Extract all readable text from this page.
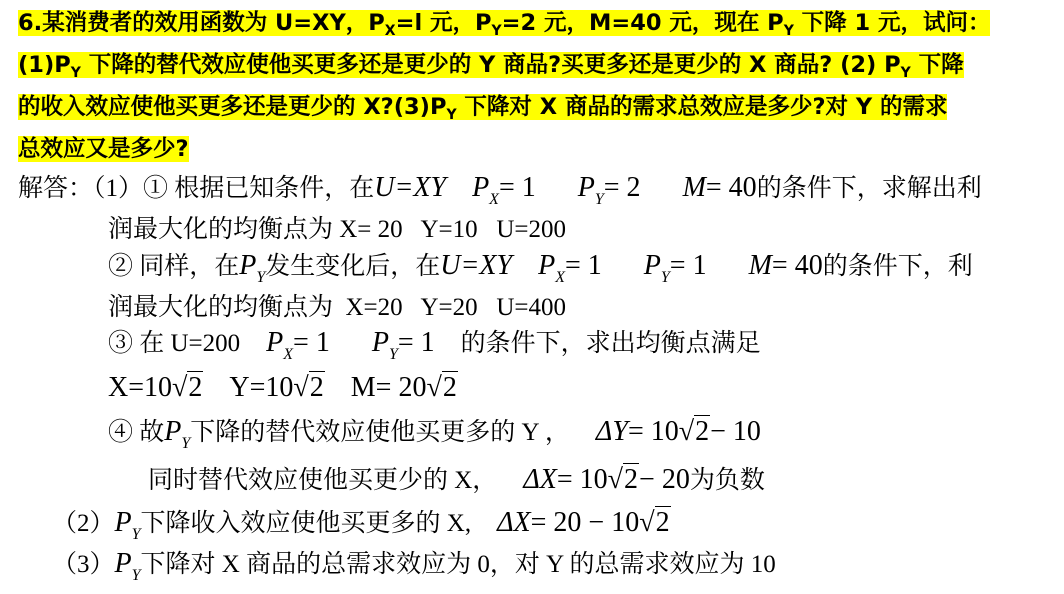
6.某消费者的效用函数为 U=XY，$P_X=l$ 元，$P_Y=2$ 元，M=40 元，现在 $P_Y$ 下降 1 元，试问：
$(1)P_Y$ 下降的替代效应使他买更多还是更少的 Y 商品?买更多还是更少的 X 商品? (2) $P_Y$ 下降
的收入效应使他买更多还是更少的 $X?(3)P_Y$ 下降对 X 商品的需求总效应是多少?对 Y 的需求
总效应又是多少?
解答：（1）① 根据已知条件，在U=XY $P_X= 1$ $P_Y= 2$ M= 40的条件下，求解出利
润最大化的均衡点为 X= 20   Y=10   U=200
② 同样，在$P_Y$发生变化后，在U=XY $P_X= 1$ $P_Y= 1$ M= 40的条件下，利
润最大化的均衡点为  X=20   Y=20   U=400
③ 在 U=200 $P_X= 1$ $P_Y= 1$ 的条件下，求出均衡点满足
X=10√2 Y=10√2 M= 20√2
④ 故$P_Y$下降的替代效应使他买更多的 Y ， ΔY= 10√2− 10
同时替代效应使他买更少的 X， ΔX= 10√2− 20为负数
$(2)P_Y$下降收入效应使他买更多的 X, ΔX= 20 − 10√2
$(3)P_Y$下降对 X 商品的总需求效应为 0，对 Y 的总需求效应为 10
